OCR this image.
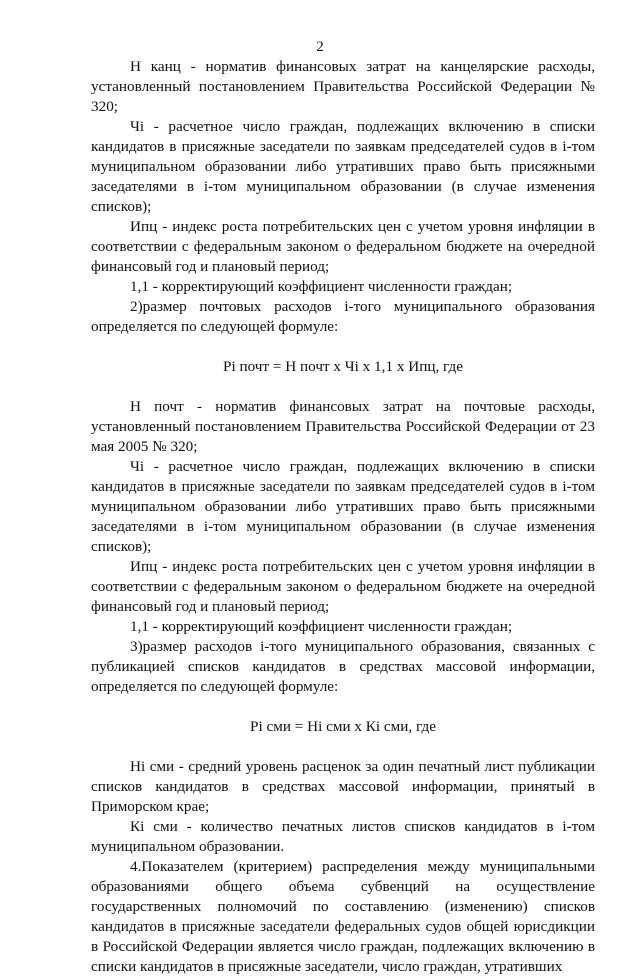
2

Н канц - норматив финансовых затрат на канцелярские расходы, установленный постановлением Правительства Российской Федерации № 320;

Чi - расчетное число граждан, подлежащих включению в списки кандидатов в присяжные заседатели по заявкам председателей судов в i-том муниципальном образовании либо утративших право быть присяжными заседателями в i-том муниципальном образовании (в случае изменения списков);

Ипц - индекс роста потребительских цен с учетом уровня инфляции в соответствии с федеральным законом о федеральном бюджете на очередной финансовый год и плановый период;

1,1 - корректирующий коэффициент численности граждан;

2)размер почтовых расходов i-того муниципального образования определяется по следующей формуле:

Рi почт = Н почт х Чi х 1,1 х Ипц, где

Н почт - норматив финансовых затрат на почтовые расходы, установленный постановлением Правительства Российской Федерации от 23 мая 2005 № 320;

Чi - расчетное число граждан, подлежащих включению в списки кандидатов в присяжные заседатели по заявкам председателей судов в i-том муниципальном образовании либо утративших право быть присяжными заседателями в i-том муниципальном образовании (в случае изменения списков);

Ипц - индекс роста потребительских цен с учетом уровня инфляции в соответствии с федеральным законом о федеральном бюджете на очередной финансовый год и плановый период;

1,1 - корректирующий коэффициент численности граждан;

3)размер расходов i-того муниципального образования, связанных с публикацией списков кандидатов в средствах массовой информации, определяется по следующей формуле:

Рi сми = Нi сми х Кi сми, где

Нi сми - средний уровень расценок за один печатный лист публикации списков кандидатов в средствах массовой информации, принятый в Приморском крае;

Кi сми - количество печатных листов списков кандидатов в i-том муниципальном образовании.

4.Показателем (критерием) распределения между муниципальными образованиями общего объема субвенций на осуществление государственных полномочий по составлению (изменению) списков кандидатов в присяжные заседатели федеральных судов общей юрисдикции в Российской Федерации является число граждан, подлежащих включению в списки кандидатов в присяжные заседатели, число граждан, утративших
